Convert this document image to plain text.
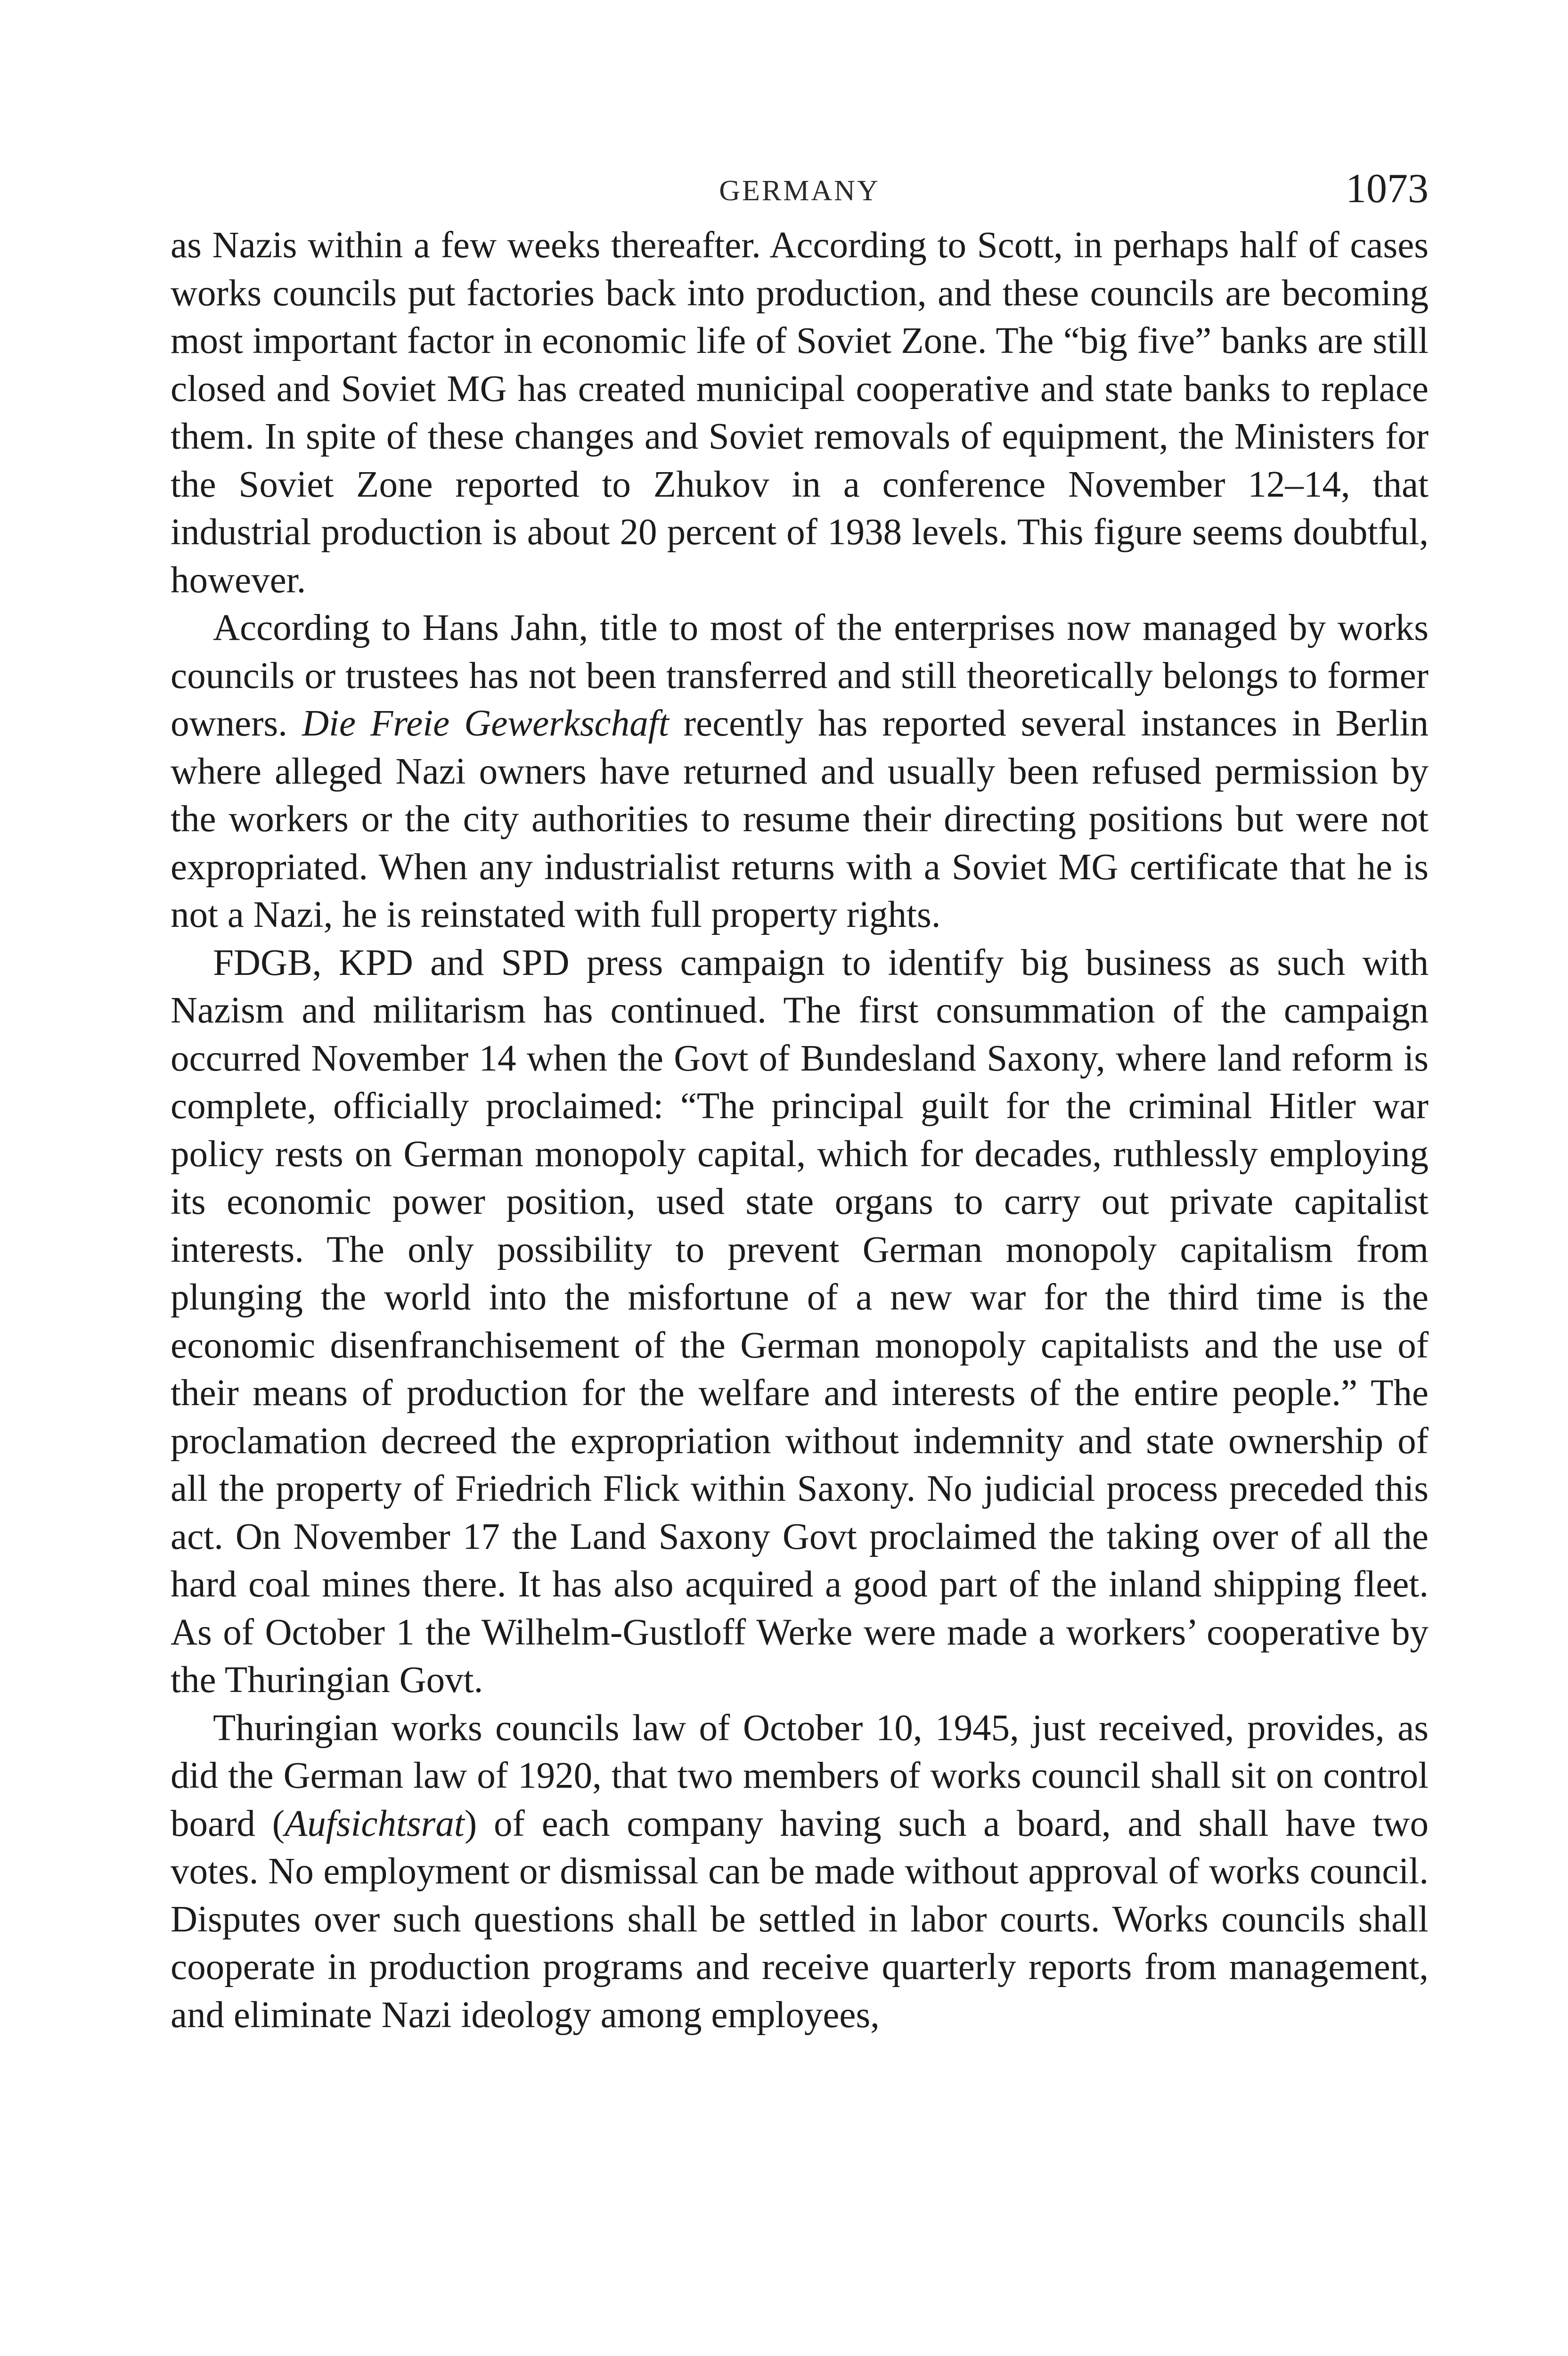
GERMANY	1073

as Nazis within a few weeks thereafter. According to Scott, in perhaps half of cases works councils put factories back into production, and these councils are becoming most important factor in economic life of Soviet Zone. The “big five” banks are still closed and Soviet MG has created municipal cooperative and state banks to replace them. In spite of these changes and Soviet removals of equipment, the Ministers for the Soviet Zone reported to Zhukov in a conference November 12–14, that industrial production is about 20 percent of 1938 levels. This figure seems doubtful, however.

According to Hans Jahn, title to most of the enterprises now managed by works councils or trustees has not been transferred and still theoretically belongs to former owners. Die Freie Gewerkschaft recently has reported several instances in Berlin where alleged Nazi owners have returned and usually been refused permission by the workers or the city authorities to resume their directing positions but were not expropriated. When any industrialist returns with a Soviet MG certificate that he is not a Nazi, he is reinstated with full property rights.

FDGB, KPD and SPD press campaign to identify big business as such with Nazism and militarism has continued. The first consummation of the campaign occurred November 14 when the Govt of Bundesland Saxony, where land reform is complete, officially proclaimed: “The principal guilt for the criminal Hitler war policy rests on German monopoly capital, which for decades, ruthlessly employing its economic power position, used state organs to carry out private capitalist interests. The only possibility to prevent German monopoly capitalism from plunging the world into the misfortune of a new war for the third time is the economic disenfranchisement of the German monopoly capitalists and the use of their means of production for the welfare and interests of the entire people.” The proclamation decreed the expropriation without indemnity and state ownership of all the property of Friedrich Flick within Saxony. No judicial process preceded this act. On November 17 the Land Saxony Govt proclaimed the taking over of all the hard coal mines there. It has also acquired a good part of the inland shipping fleet. As of October 1 the Wilhelm-Gustloff Werke were made a workers’ cooperative by the Thuringian Govt.

Thuringian works councils law of October 10, 1945, just received, provides, as did the German law of 1920, that two members of works council shall sit on control board (Aufsichtsrat) of each company having such a board, and shall have two votes. No employment or dismissal can be made without approval of works council. Disputes over such questions shall be settled in labor courts. Works councils shall cooperate in production programs and receive quarterly reports from management, and eliminate Nazi ideology among employees,
